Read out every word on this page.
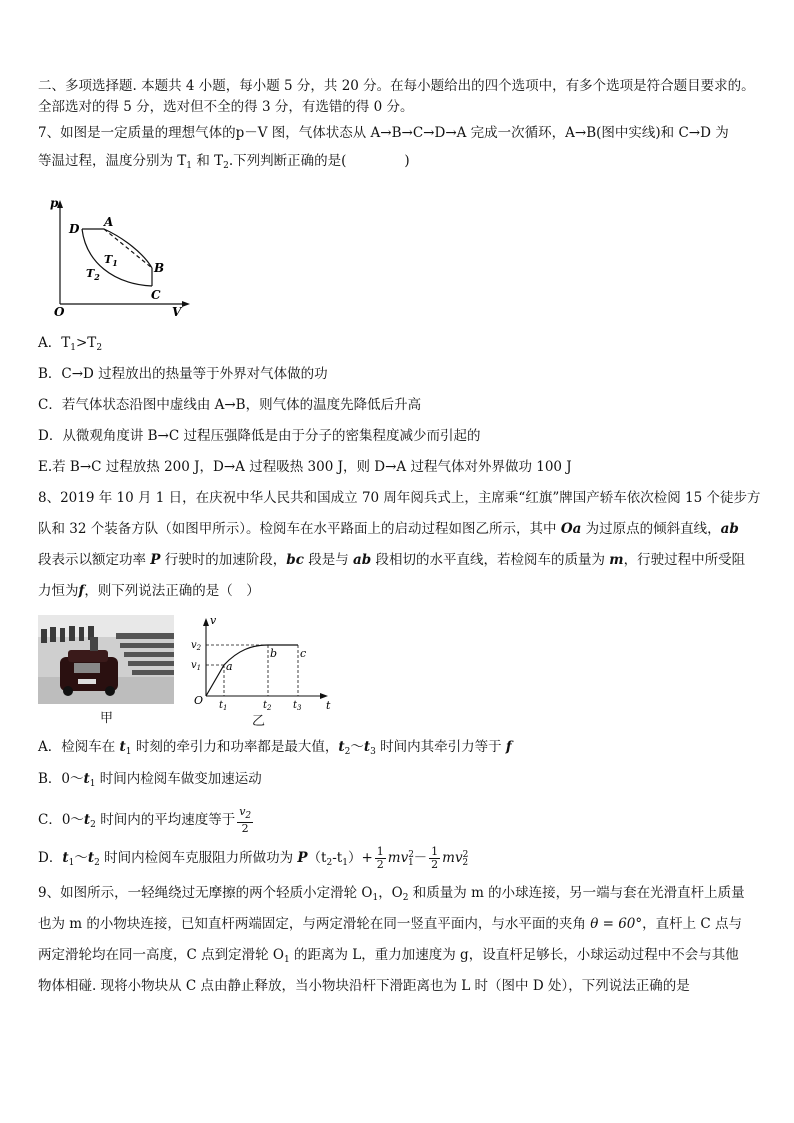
二、多项选择题. 本题共 4 小题，每小题 5 分，共 20 分。在每小题给出的四个选项中，有多个选项是符合题目要求的。
全部选对的得 5 分，选对但不全的得 3 分，有选错的得 0 分。
7、如图是一定质量的理想气体的p－V 图，气体状态从 A→B→C→D→A 完成一次循环，A→B(图中实线)和 C→D 为
等温过程，温度分别为 $T_1$ 和 $T_2$.下列判断正确的是(	)
p
V
O
D A
B
C
$T_1$
$T_2$
A．$T_1>T_2$
B．C→D 过程放出的热量等于外界对气体做的功
C．若气体状态沿图中虚线由 A→B，则气体的温度先降低后升高
D．从微观角度讲 B→C 过程压强降低是由于分子的密集程度减少而引起的
E.若 B→C 过程放热 200 J，D→A 过程吸热 300 J，则 D→A 过程气体对外界做功 100 J
8、2019 年 10 月 1 日，在庆祝中华人民共和国成立 70 周年阅兵式上，主席乘“红旗”牌国产轿车依次检阅 15 个徒步方
队和 32 个装备方队（如图甲所示）。检阅车在水平路面上的启动过程如图乙所示，其中 Oa 为过原点的倾斜直线，ab
段表示以额定功率 P 行驶时的加速阶段，bc 段是与 ab 段相切的水平直线，若检阅车的质量为 m，行驶过程中所受阻
力恒为f，则下列说法正确的是（　）
甲
v
t
O
$v_2$
$v_1$
$t_1$	$t_2$ $t_3$
a
b c
乙
A．检阅车在 $t_1$ 时刻的牵引力和功率都是最大值，$t_2\sim t_3$ 时间内其牵引力等于 f
B．$0\sim t_1$ 时间内检阅车做变加速运动
C．$0\sim t_2$ 时间内的平均速度等于 $\frac{v_2}{2}$
D．$t_1\sim t_2$ 时间内检阅车克服阻力所做功为 $P(t_2-t_1)+ \frac{1}{2} mv^2_1- \frac{1}{2} mv^2_2$
9、如图所示，一轻绳绕过无摩擦的两个轻质小定滑轮 $O_1$，$O_2$ 和质量为 m 的小球连接，另一端与套在光滑直杆上质量
也为 m 的小物块连接，已知直杆两端固定，与两定滑轮在同一竖直平面内，与水平面的夹角 θ = 60°，直杆上 C 点与
两定滑轮均在同一高度，C 点到定滑轮 $O_1$ 的距离为 L，重力加速度为 g，设直杆足够长，小球运动过程中不会与其他
物体相碰. 现将小物块从 C 点由静止释放，当小物块沿杆下滑距离也为 L 时（图中 D 处），下列说法正确的是
